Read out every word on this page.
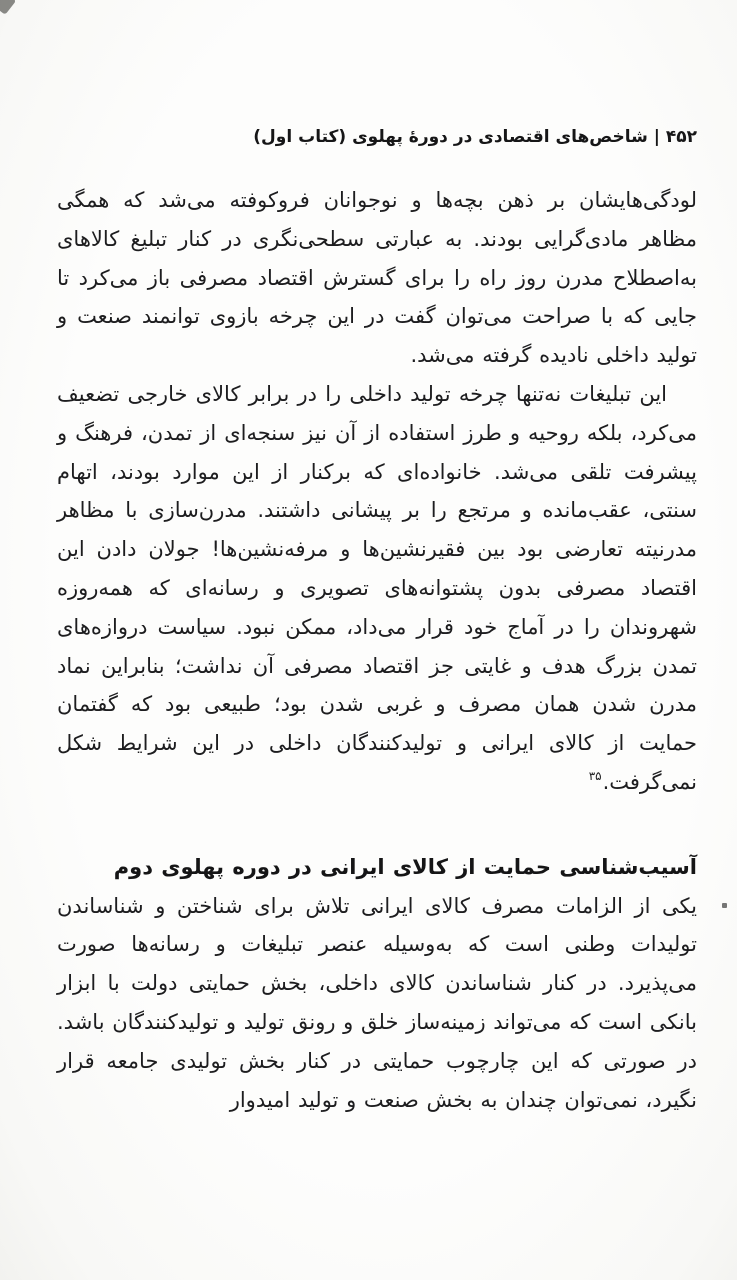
۴۵۲ | شاخص‌های اقتصادی در دورهٔ پهلوی (کتاب اول)

لودگی‌هایشان بر ذهن بچه‌ها و نوجوانان فروکوفته می‌شد که همگی مظاهر مادی‌گرایی بودند. به عبارتی سطحی‌نگری در کنار تبلیغ کالاهای به‌اصطلاح مدرن روز راه را برای گسترش اقتصاد مصرفی باز می‌کرد تا جایی که با صراحت می‌توان گفت در این چرخه بازوی توانمند صنعت و تولید داخلی نادیده گرفته می‌شد.

این تبلیغات نه‌تنها چرخه تولید داخلی را در برابر کالای خارجی تضعیف می‌کرد، بلکه روحیه و طرز استفاده از آن نیز سنجه‌ای از تمدن، فرهنگ و پیشرفت تلقی می‌شد. خانواده‌ای که برکنار از این موارد بودند، اتهام سنتی، عقب‌مانده و مرتجع را بر پیشانی داشتند. مدرن‌سازی با مظاهر مدرنیته تعارضی بود بین فقیرنشین‌ها و مرفه‌نشین‌ها! جولان دادن این اقتصاد مصرفی بدون پشتوانه‌های تصویری و رسانه‌ای که همه‌روزه شهروندان را در آماج خود قرار می‌داد، ممکن نبود. سیاست دروازه‌های تمدن بزرگ هدف و غایتی جز اقتصاد مصرفی آن نداشت؛ بنابراین نماد مدرن شدن همان مصرف و غربی شدن بود؛ طبیعی بود که گفتمان حمایت از کالای ایرانی و تولیدکنندگان داخلی در این شرایط شکل نمی‌گرفت.$^{۳۵}$

آسیب‌شناسی حمایت از کالای ایرانی در دوره پهلوی دوم

یکی از الزامات مصرف کالای ایرانی تلاش برای شناختن و شناساندن تولیدات وطنی است که به‌وسیله عنصر تبلیغات و رسانه‌ها صورت می‌پذیرد. در کنار شناساندن کالای داخلی، بخش حمایتی دولت با ابزار بانکی است که می‌تواند زمینه‌ساز خلق و رونق تولید و تولیدکنندگان باشد. در صورتی که این چارچوب حمایتی در کنار بخش تولیدی جامعه قرار نگیرد، نمی‌توان چندان به بخش صنعت و تولید امیدوار
